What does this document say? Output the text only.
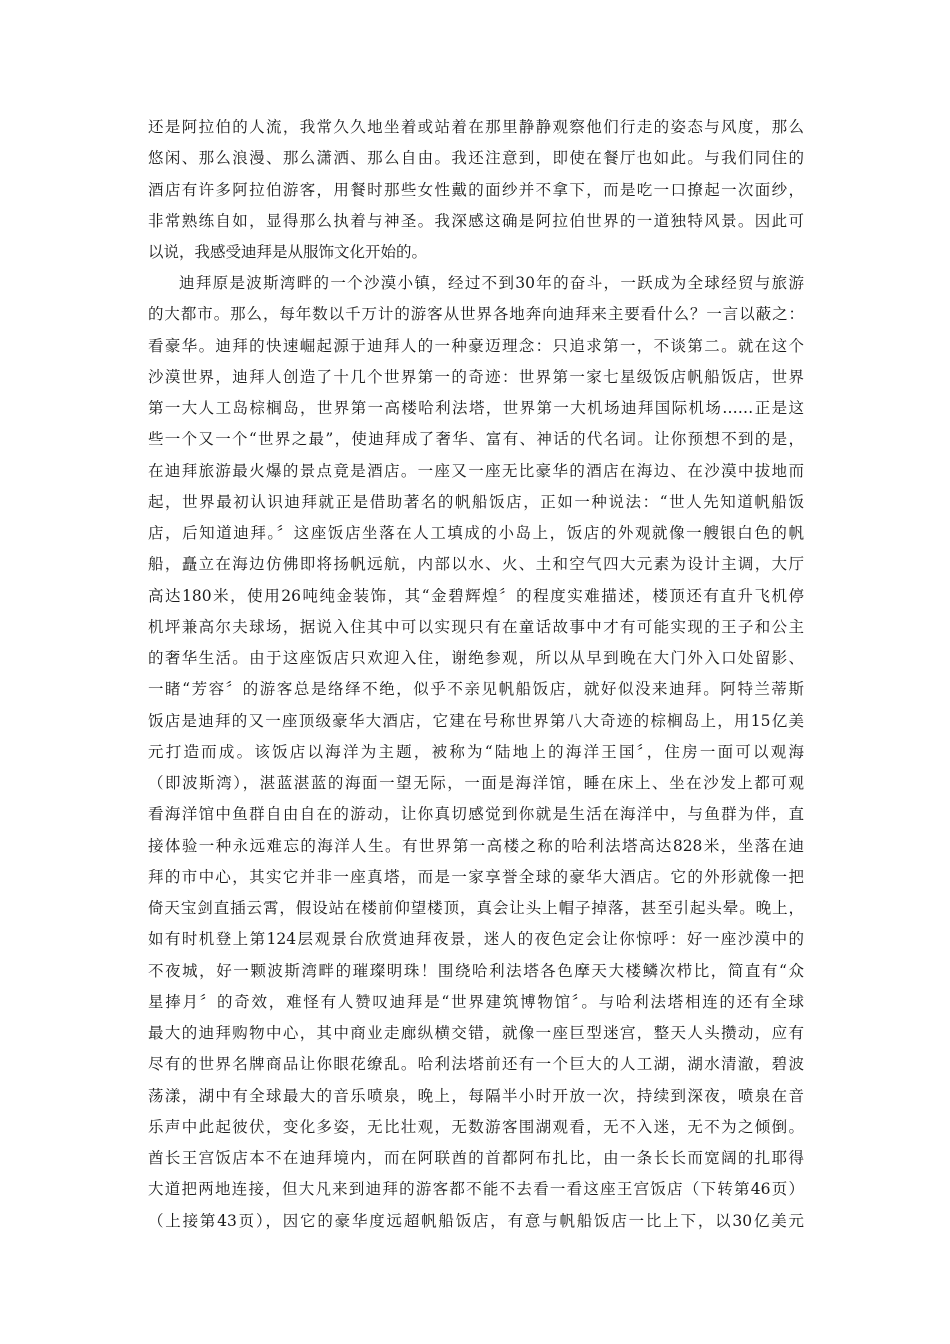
还是阿拉伯的人流，我常久久地坐着或站着在那里静静观察他们行走的姿态与风度，那么
悠闲、那么浪漫、那么潇洒、那么自由。我还注意到，即使在餐厅也如此。与我们同住的
酒店有许多阿拉伯游客，用餐时那些女性戴的面纱并不拿下，而是吃一口撩起一次面纱，
非常熟练自如，显得那么执着与神圣。我深感这确是阿拉伯世界的一道独特风景。因此可
以说，我感受迪拜是从服饰文化开始的。
迪拜原是波斯湾畔的一个沙漠小镇，经过不到30年的奋斗，一跃成为全球经贸与旅游
的大都市。那么，每年数以千万计的游客从世界各地奔向迪拜来主要看什么？一言以蔽之：
看豪华。迪拜的快速崛起源于迪拜人的一种豪迈理念：只追求第一，不谈第二。就在这个
沙漠世界，迪拜人创造了十几个世界第一的奇迹：世界第一家七星级饭店帆船饭店，世界
第一大人工岛棕榈岛，世界第一高楼哈利法塔，世界第一大机场迪拜国际机场……正是这
些一个又一个“世界之最”，使迪拜成了奢华、富有、神话的代名词。让你预想不到的是，
在迪拜旅游最火爆的景点竟是酒店。一座又一座无比豪华的酒店在海边、在沙漠中拔地而
起，世界最初认识迪拜就正是借助著名的帆船饭店，正如一种说法：“世人先知道帆船饭
店，后知道迪拜。〞这座饭店坐落在人工填成的小岛上，饭店的外观就像一艘银白色的帆
船，矗立在海边仿佛即将扬帆远航，内部以水、火、土和空气四大元素为设计主调，大厅
高达180米，使用26吨纯金装饰，其“金碧辉煌〞的程度实难描述，楼顶还有直升飞机停
机坪兼高尔夫球场，据说入住其中可以实现只有在童话故事中才有可能实现的王子和公主
的奢华生活。由于这座饭店只欢迎入住，谢绝参观，所以从早到晚在大门外入口处留影、
一睹“芳容〞的游客总是络绎不绝，似乎不亲见帆船饭店，就好似没来迪拜。阿特兰蒂斯
饭店是迪拜的又一座顶级豪华大酒店，它建在号称世界第八大奇迹的棕榈岛上，用15亿美
元打造而成。该饭店以海洋为主题，被称为“陆地上的海洋王国〞，住房一面可以观海
（即波斯湾），湛蓝湛蓝的海面一望无际，一面是海洋馆，睡在床上、坐在沙发上都可观
看海洋馆中鱼群自由自在的游动，让你真切感觉到你就是生活在海洋中，与鱼群为伴，直
接体验一种永远难忘的海洋人生。有世界第一高楼之称的哈利法塔高达828米，坐落在迪
拜的市中心，其实它并非一座真塔，而是一家享誉全球的豪华大酒店。它的外形就像一把
倚天宝剑直插云霄，假设站在楼前仰望楼顶，真会让头上帽子掉落，甚至引起头晕。晚上，
如有时机登上第124层观景台欣赏迪拜夜景，迷人的夜色定会让你惊呼：好一座沙漠中的
不夜城，好一颗波斯湾畔的璀璨明珠！围绕哈利法塔各色摩天大楼鳞次栉比，简直有“众
星捧月〞的奇效，难怪有人赞叹迪拜是“世界建筑博物馆〞。与哈利法塔相连的还有全球
最大的迪拜购物中心，其中商业走廊纵横交错，就像一座巨型迷宫，整天人头攒动，应有
尽有的世界名牌商品让你眼花缭乱。哈利法塔前还有一个巨大的人工湖，湖水清澈，碧波
荡漾，湖中有全球最大的音乐喷泉，晚上，每隔半小时开放一次，持续到深夜，喷泉在音
乐声中此起彼伏，变化多姿，无比壮观，无数游客围湖观看，无不入迷，无不为之倾倒。
酋长王宫饭店本不在迪拜境内，而在阿联酋的首都阿布扎比，由一条长长而宽阔的扎耶得
大道把两地连接，但大凡来到迪拜的游客都不能不去看一看这座王宫饭店（下转第46页）
（上接第43页），因它的豪华度远超帆船饭店，有意与帆船饭店一比上下，以30亿美元
